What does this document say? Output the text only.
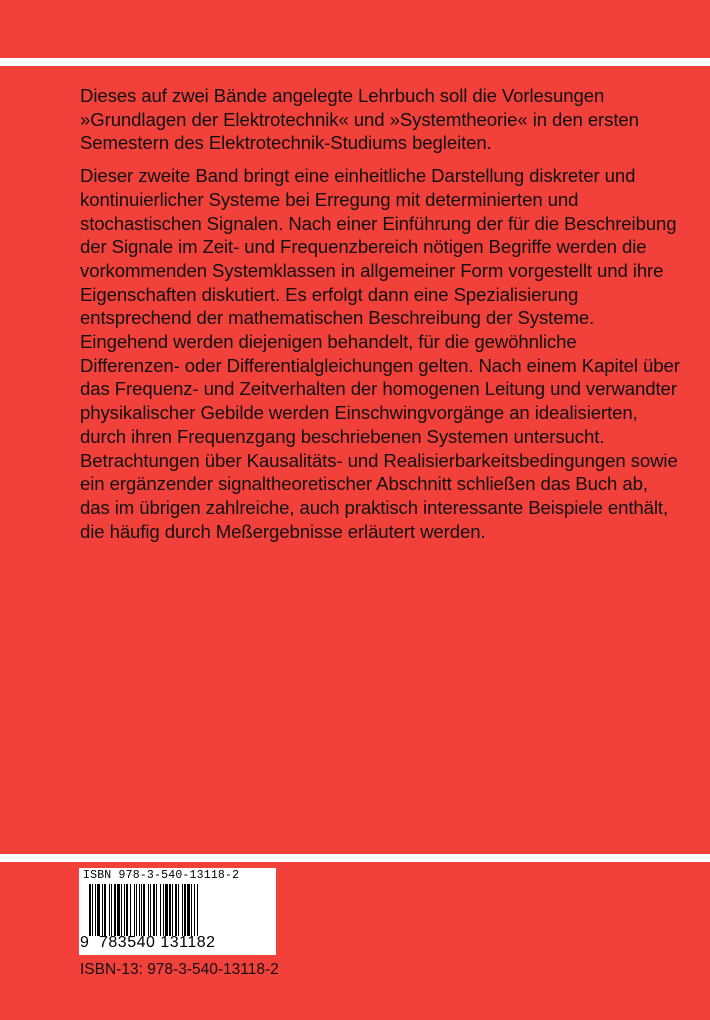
Dieses auf zwei Bände angelegte Lehrbuch soll die Vorlesungen »Grundlagen der Elektrotechnik« und »Systemtheorie« in den ersten Semestern des Elektrotechnik-Studiums begleiten.

Dieser zweite Band bringt eine einheitliche Darstellung diskreter und kontinuierlicher Systeme bei Erregung mit determinierten und stochastischen Signalen. Nach einer Einführung der für die Beschreibung der Signale im Zeit- und Frequenzbereich nötigen Begriffe werden die vorkommenden Systemklassen in allgemeiner Form vorgestellt und ihre Eigenschaften diskutiert. Es erfolgt dann eine Spezialisierung entsprechend der mathematischen Beschreibung der Systeme. Eingehend werden diejenigen behandelt, für die gewöhnliche Differenzen- oder Differentialgleichungen gelten. Nach einem Kapitel über das Frequenz- und Zeitverhalten der homogenen Leitung und verwandter physikalischer Gebilde werden Einschwingvorgänge an idealisierten, durch ihren Frequenzgang beschriebenen Systemen untersucht. Betrachtungen über Kausalitäts- und Realisierbarkeitsbedingungen sowie ein ergänzender signaltheoretischer Abschnitt schließen das Buch ab, das im übrigen zahlreiche, auch praktisch interessante Beispiele enthält, die häufig durch Meßergebnisse erläutert werden.

ISBN 978-3-540-13118-2
9 783540 131182
ISBN-13: 978-3-540-13118-2
